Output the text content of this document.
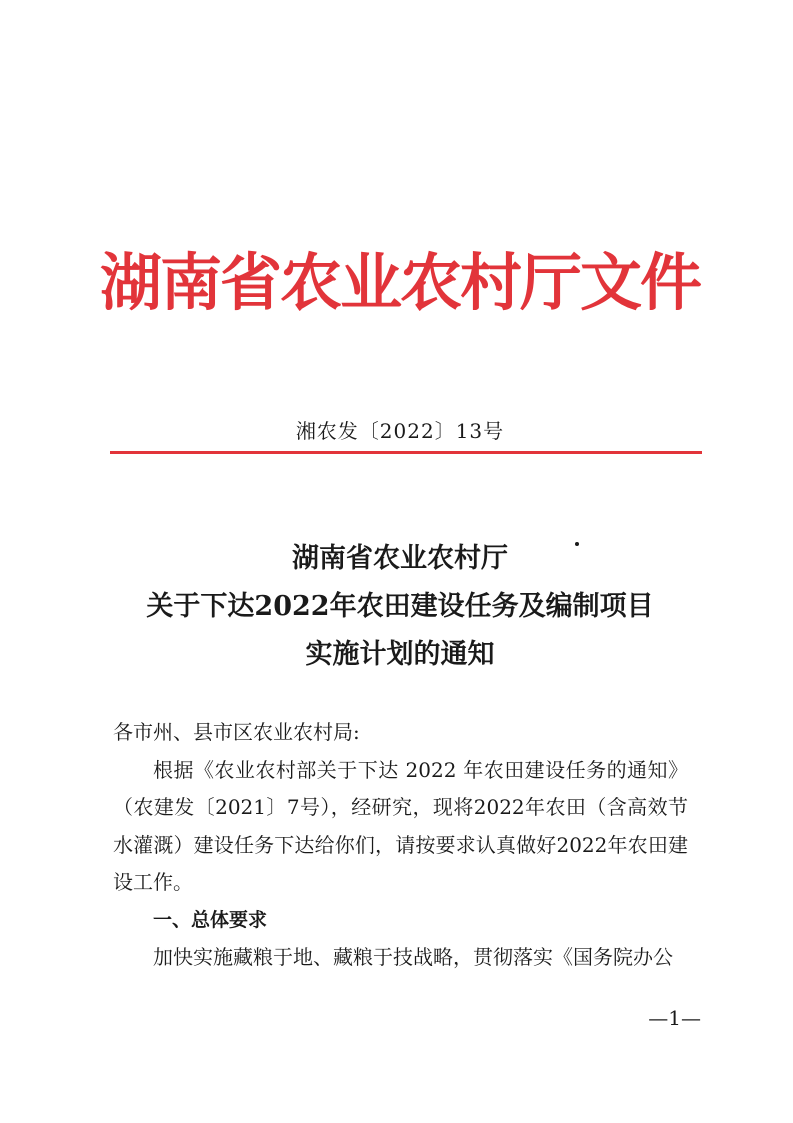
湖南省农业农村厅文件
湘农发〔2022〕13号
湖南省农业农村厅
关于下达2022年农田建设任务及编制项目
实施计划的通知

各市州、县市区农业农村局:

根据《农业农村部关于下达 2022 年农田建设任务的通知》（农建发〔2021〕7号），经研究，现将2022年农田（含高效节水灌溉）建设任务下达给你们，请按要求认真做好2022年农田建设工作。

一、总体要求

加快实施藏粮于地、藏粮于技战略，贯彻落实《国务院办公

—1—
